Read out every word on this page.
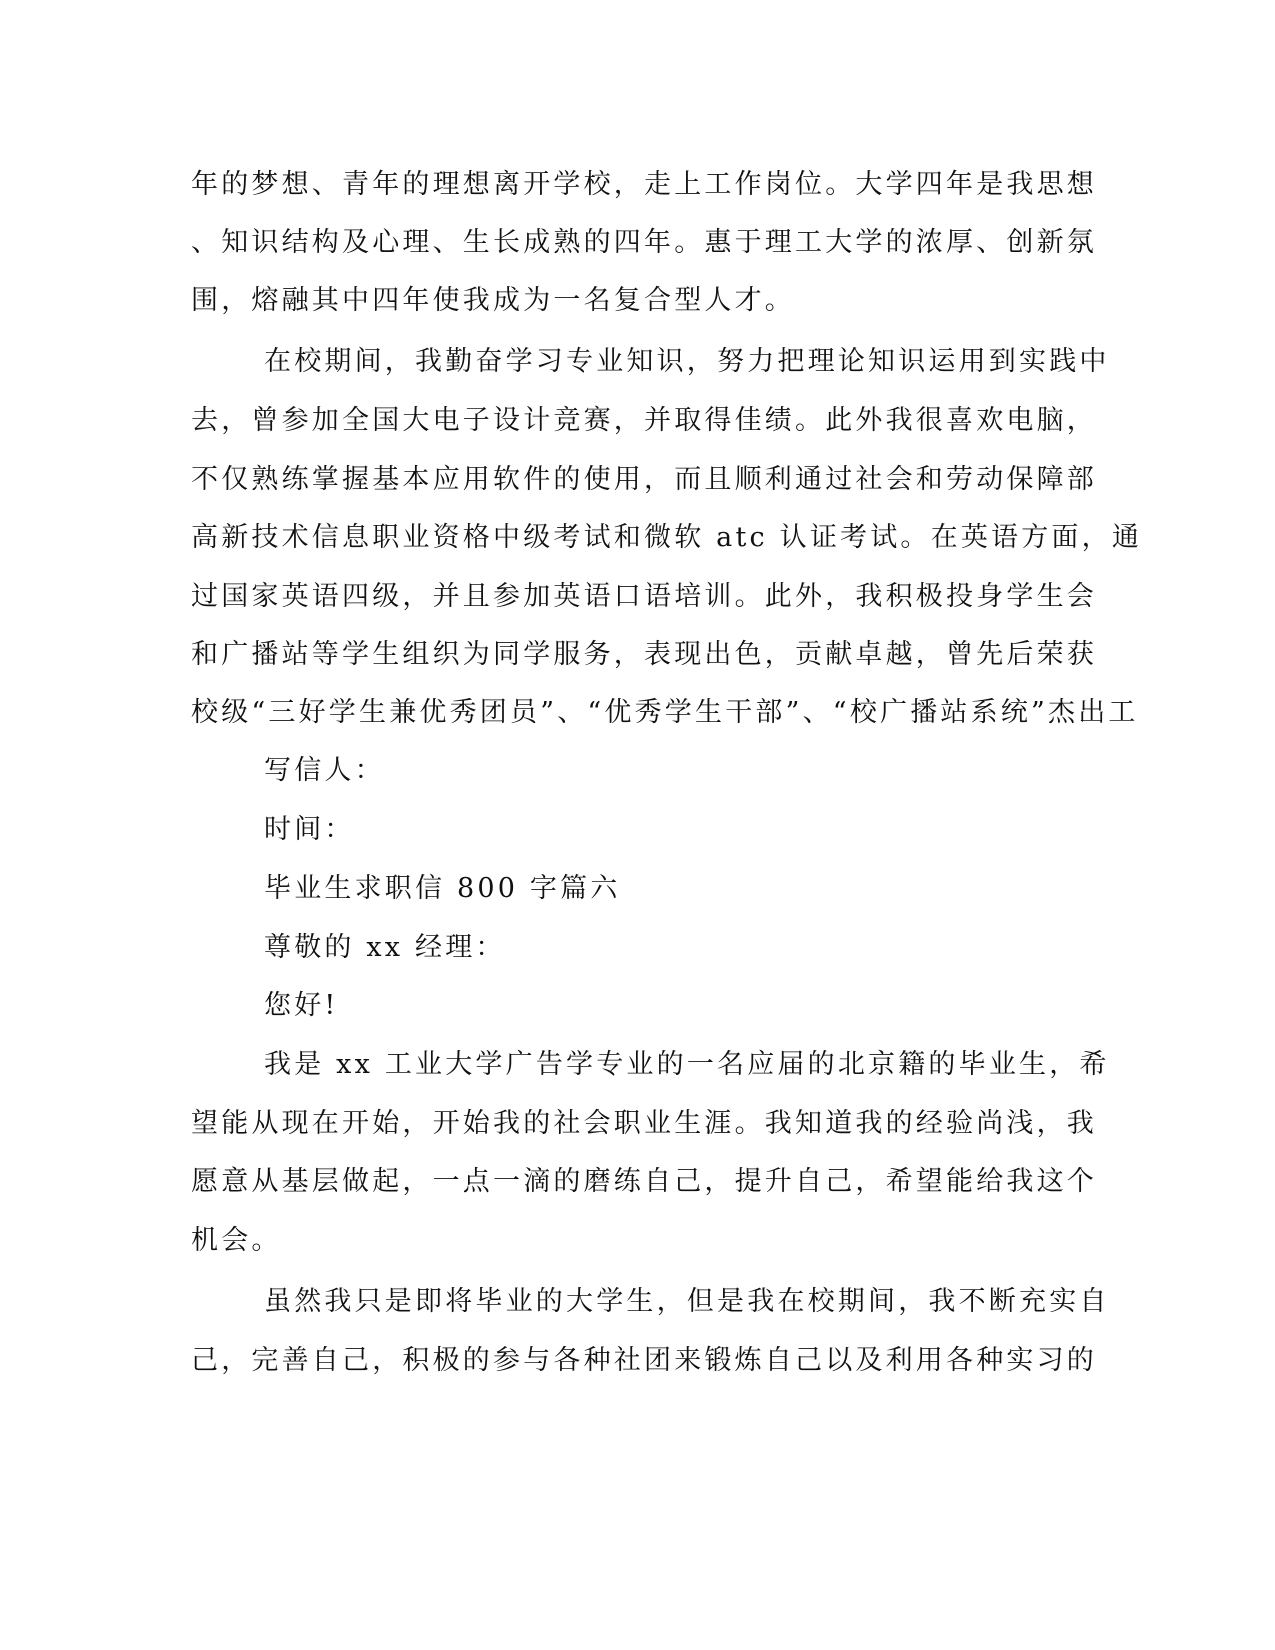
年的梦想、青年的理想离开学校，走上工作岗位。大学四年是我思想
、知识结构及心理、生长成熟的四年。惠于理工大学的浓厚、创新氛
围，熔融其中四年使我成为一名复合型人才。
在校期间，我勤奋学习专业知识，努力把理论知识运用到实践中
去，曾参加全国大电子设计竞赛，并取得佳绩。此外我很喜欢电脑，
不仅熟练掌握基本应用软件的使用，而且顺利通过社会和劳动保障部
高新技术信息职业资格中级考试和微软 atc 认证考试。在英语方面，通
过国家英语四级，并且参加英语口语培训。此外，我积极投身学生会
和广播站等学生组织为同学服务，表现出色，贡献卓越，曾先后荣获
校级“三好学生兼优秀团员”、“优秀学生干部”、“校广播站系统”杰出工
写信人：
时间：
毕业生求职信 800 字篇六
尊敬的 xx 经理：
您好!
我是 xx 工业大学广告学专业的一名应届的北京籍的毕业生，希
望能从现在开始，开始我的社会职业生涯。我知道我的经验尚浅，我
愿意从基层做起，一点一滴的磨练自己，提升自己，希望能给我这个
机会。
虽然我只是即将毕业的大学生，但是我在校期间，我不断充实自
己，完善自己，积极的参与各种社团来锻炼自己以及利用各种实习的
